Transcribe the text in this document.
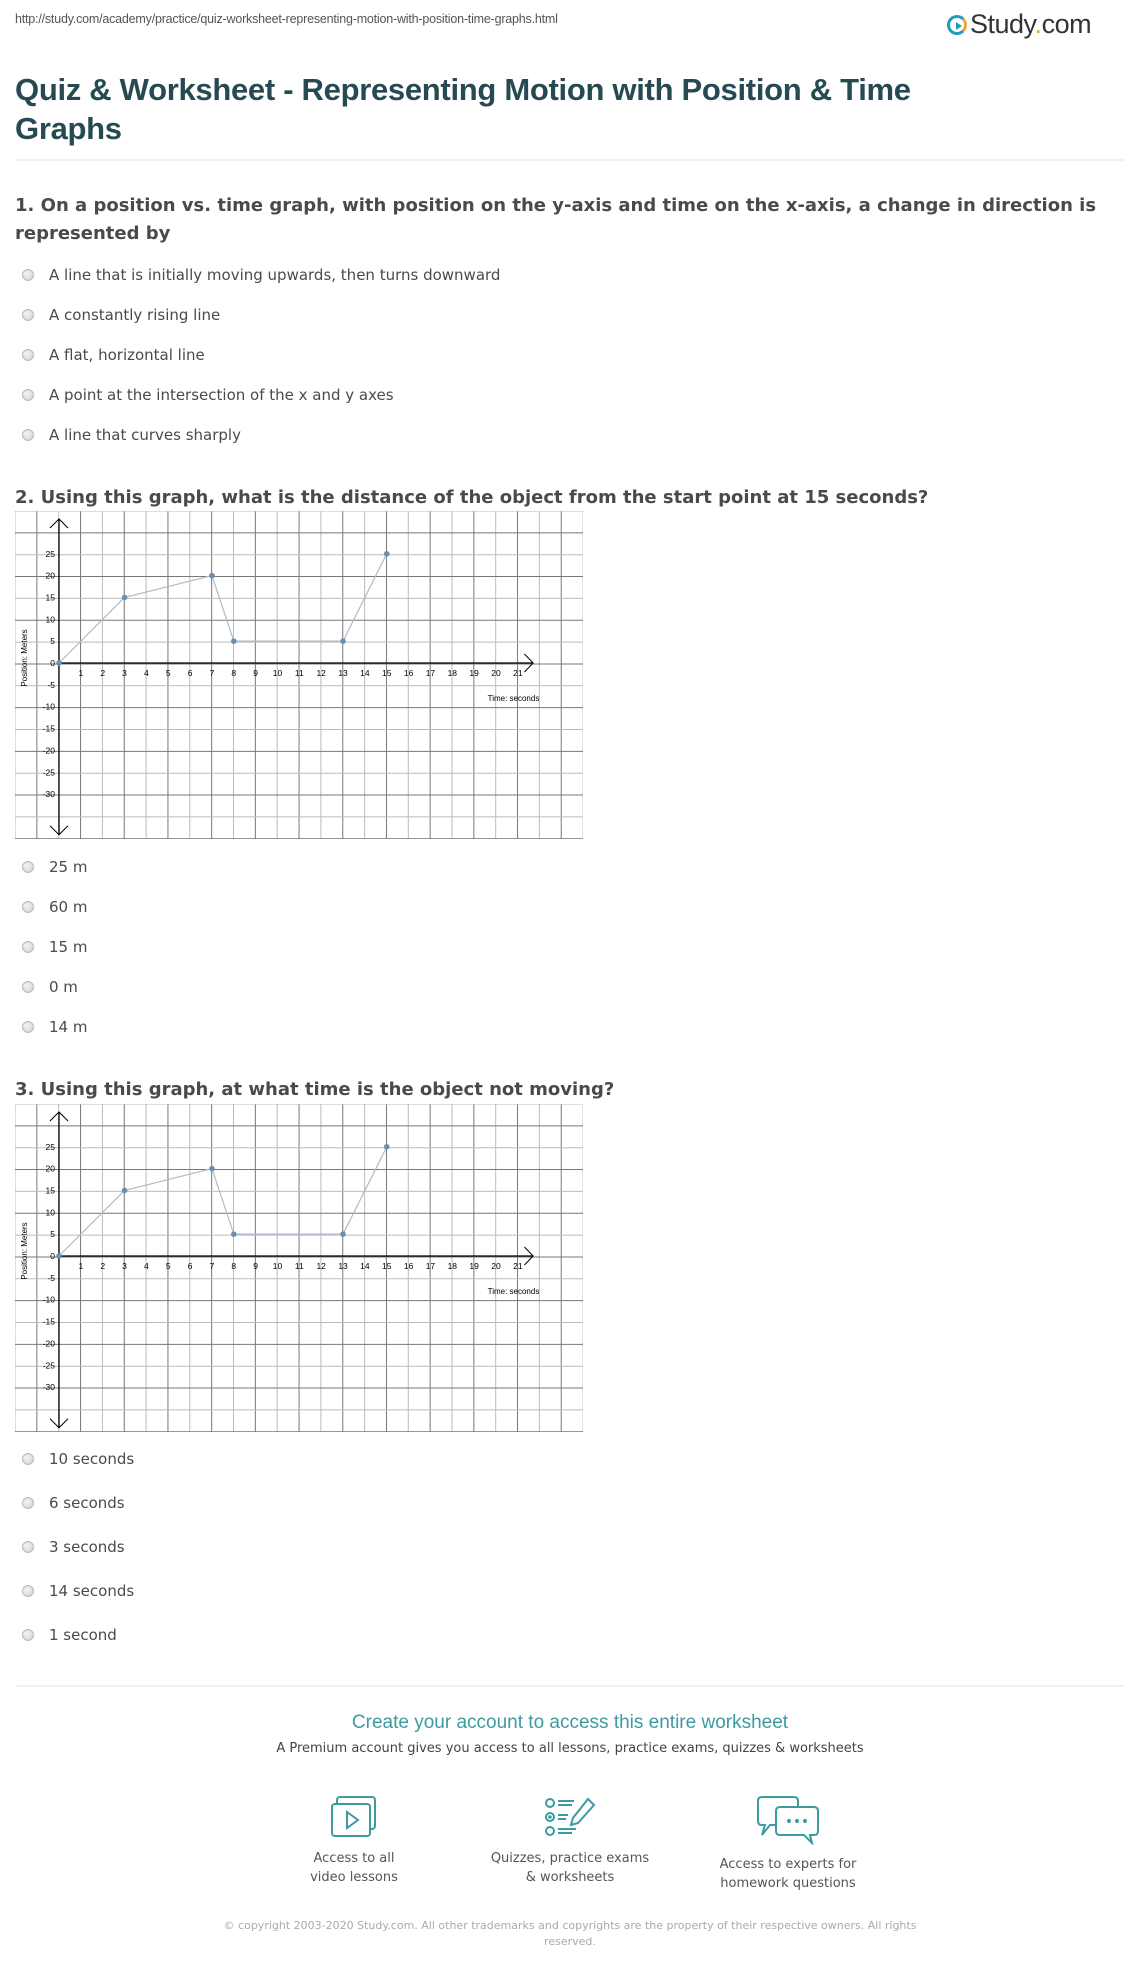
http://study.com/academy/practice/quiz-worksheet-representing-motion-with-position-time-graphs.html	Study.com
Quiz & Worksheet - Representing Motion with Position & Time Graphs
1. On a position vs. time graph, with position on the y-axis and time on the x-axis, a change in direction is represented by
A line that is initially moving upwards, then turns downward
A constantly rising line
A flat, horizontal line
A point at the intersection of the x and y axes
A line that curves sharply
2. Using this graph, what is the distance of the object from the start point at 15 seconds?
1 2 3 4 5 6 7 8 9 10 11 12 13 14 15 16 17 18 19 20 21
25
20
15
10
5
0
-5
-10
-15
-20
-25
-30
Time: seconds
Position: Meters
25 m
60 m
15 m
0 m
14 m
3. Using this graph, at what time is the object not moving?
1 2 3 4 5 6 7 8 9 10 11 12 13 14 15 16 17 18 19 20 21
25
20
15
10
5
0
-5
-10
-15
-20
-25
-30
Time: seconds
Position: Meters
10 seconds
6 seconds
3 seconds
14 seconds
1 second
Create your account to access this entire worksheet
A Premium account gives you access to all lessons, practice exams, quizzes & worksheets
Access to all
video lessons
Quizzes, practice exams
& worksheets
Access to experts for
homework questions
© copyright 2003-2020 Study.com. All other trademarks and copyrights are the property of their respective owners. All rights reserved.
